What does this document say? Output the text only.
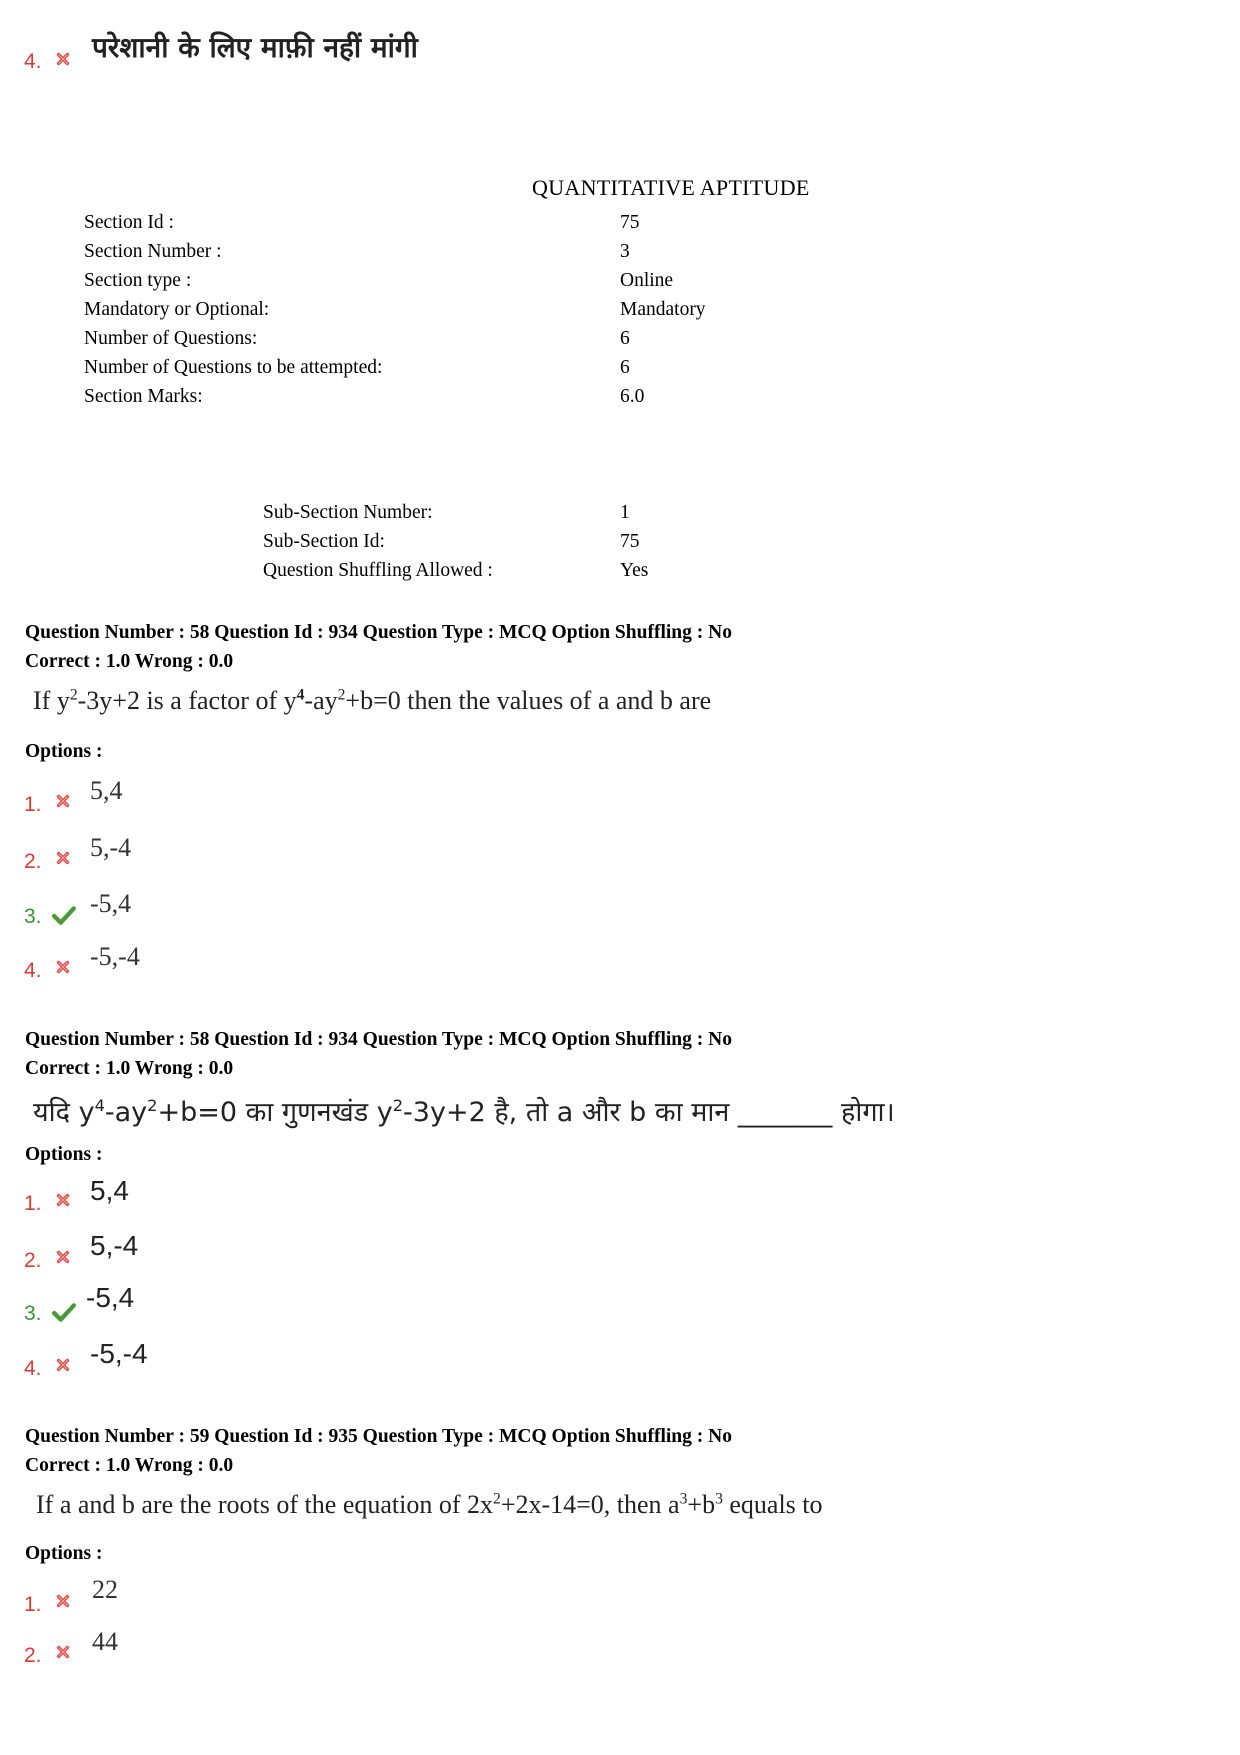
4. परेशानी के लिए माफ़ी नहीं मांगी
QUANTITATIVE APTITUDE
Section Id :	75
Section Number :	3
Section type :	Online
Mandatory or Optional:	Mandatory
Number of Questions:	6
Number of Questions to be attempted:	6
Section Marks:	6.0
Sub-Section Number:	1
Sub-Section Id:	75
Question Shuffling Allowed :	Yes
Question Number : 58 Question Id : 934 Question Type : MCQ Option Shuffling : No
Correct : 1.0 Wrong : 0.0
If $y^2-3y+2$ is a factor of $y^4-ay^2+b=0$ then the values of a and b are
Options :
1. 5,4
2. 5,-4
3. -5,4
4. -5,-4
Question Number : 58 Question Id : 934 Question Type : MCQ Option Shuffling : No
Correct : 1.0 Wrong : 0.0
यदि $y^4-ay^2+b=0$ का गुणनखंड $y^2-3y+2$ है, तो a और b का मान _______ होगा।
Options :
1. 5,4
2. 5,-4
3.
-5,4
4. -5,-4
Question Number : 59 Question Id : 935 Question Type : MCQ Option Shuffling : No
Correct : 1.0 Wrong : 0.0
If a and b are the roots of the equation of $2x^2+2x-14=0$, then $a^3+b^3$ equals to
Options :
1.
22
2. 44
